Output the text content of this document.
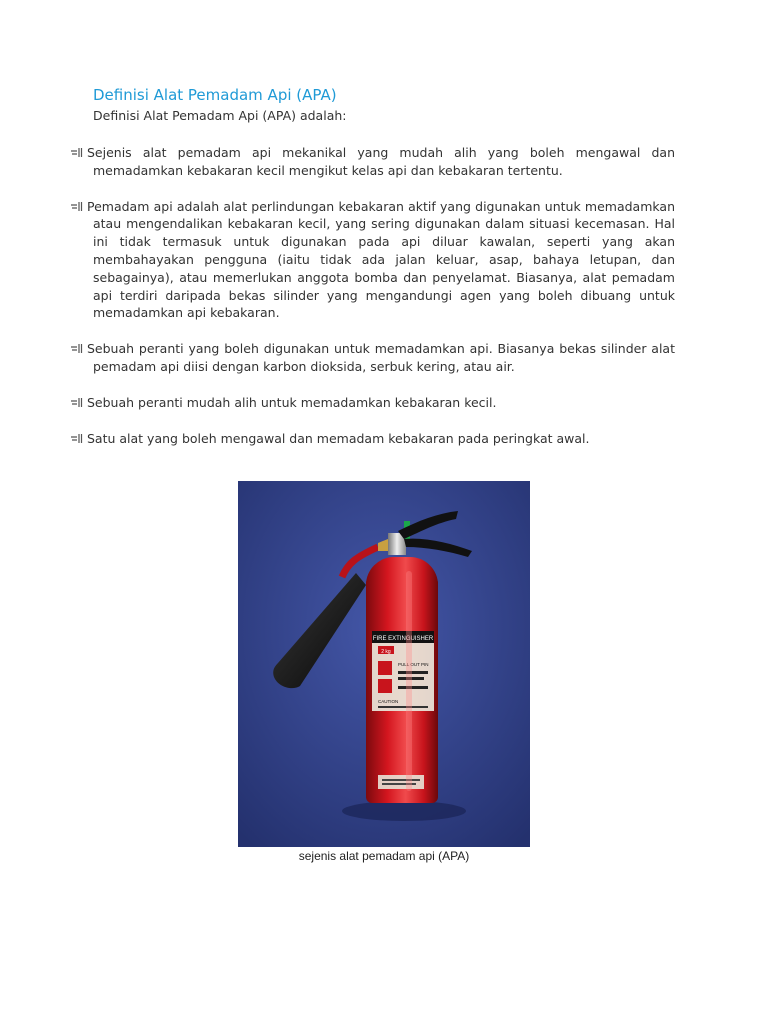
Definisi Alat Pemadam Api (APA)
Definisi Alat Pemadam Api (APA) adalah:
Sejenis alat pemadam api mekanikal yang mudah alih yang boleh mengawal dan memadamkan kebakaran kecil mengikut kelas api dan kebakaran tertentu.
Pemadam api adalah alat perlindungan kebakaran aktif yang digunakan untuk memadamkan atau mengendalikan kebakaran kecil, yang sering digunakan dalam situasi kecemasan. Hal ini tidak termasuk untuk digunakan pada api diluar kawalan, seperti yang akan membahayakan pengguna (iaitu tidak ada jalan keluar, asap, bahaya letupan, dan sebagainya), atau memerlukan anggota bomba dan penyelamat. Biasanya, alat pemadam api terdiri daripada bekas silinder yang mengandungi agen yang boleh dibuang untuk memadamkan api kebakaran.
Sebuah peranti yang boleh digunakan untuk memadamkan api. Biasanya bekas silinder alat pemadam api diisi dengan karbon dioksida, serbuk kering, atau air.
Sebuah peranti mudah alih untuk memadamkan kebakaran kecil.
Satu alat yang boleh mengawal dan memadam kebakaran pada peringkat awal.
FIRE EXTINGUISHER
2 kg
PULL OUT PIN
CAUTION
sejenis alat pemadam api (APA)
